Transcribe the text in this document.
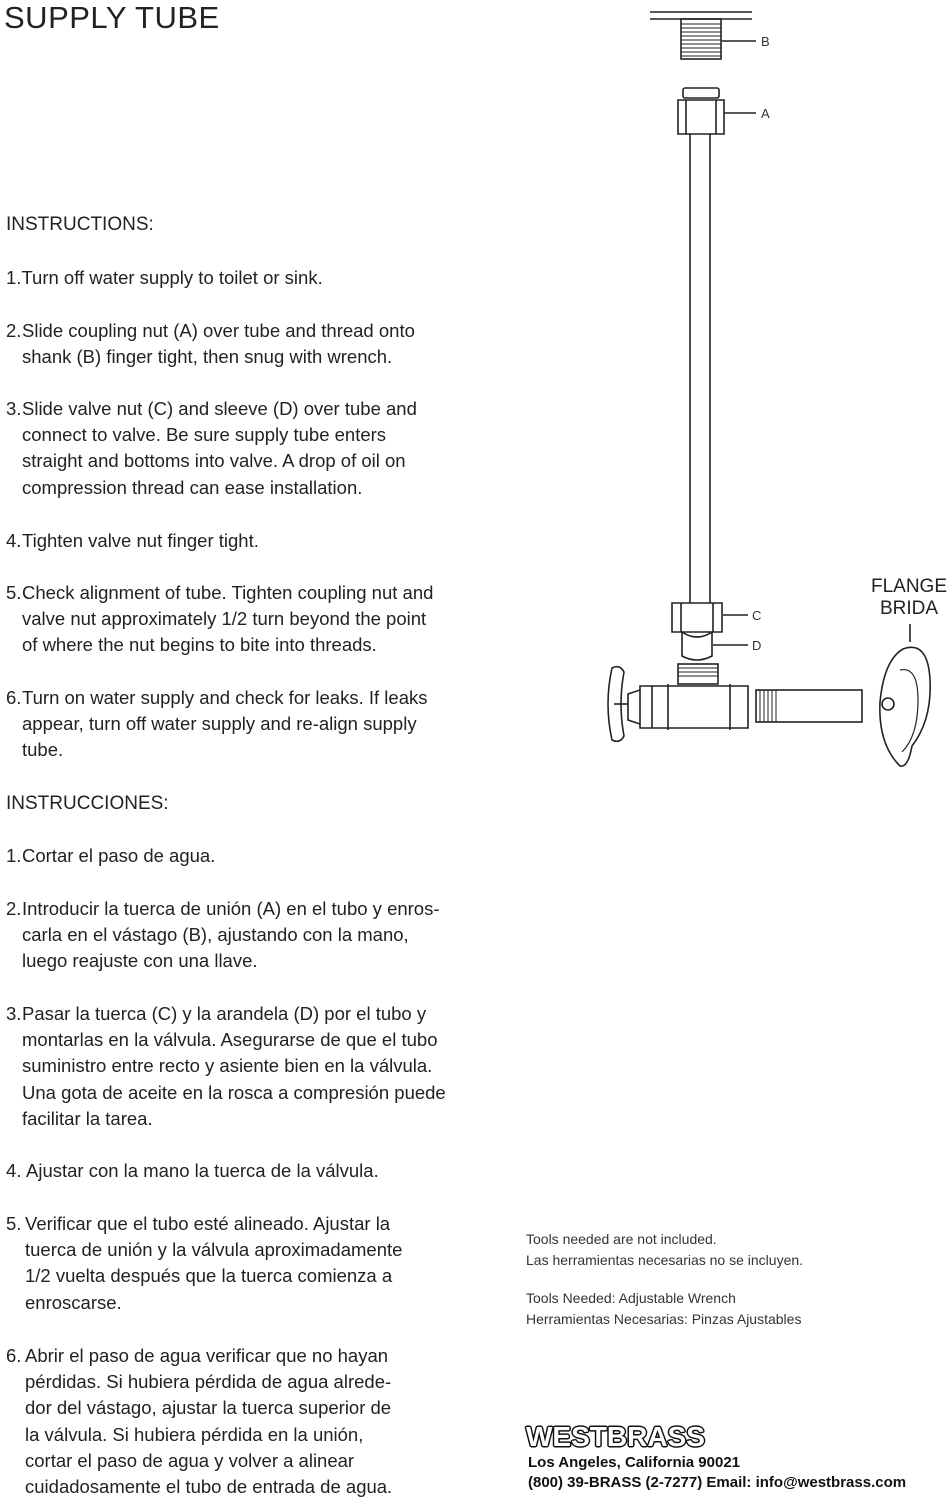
SUPPLY TUBE
B
A
C
D
FLANGE
BRIDA
INSTRUCTIONS:
1.Turn off water supply to toilet or sink.
2. Slide coupling nut (A) over tube and thread onto
shank (B) finger tight, then snug with wrench.
3. Slide valve nut (C) and sleeve (D) over tube and
connect to valve. Be sure supply tube enters
straight and bottoms into valve. A drop of oil on
compression thread can ease installation.
4. Tighten valve nut finger tight.
5. Check alignment of tube. Tighten coupling nut and
valve nut approximately 1/2 turn beyond the point
of where the nut begins to bite into threads.
6. Turn on water supply and check for leaks. If leaks
appear, turn off water supply and re-align supply
tube.
INSTRUCCIONES:
1. Cortar el paso de agua.
2. Introducir la tuerca de unión (A) en el tubo y enros-
carla en el vástago (B), ajustando con la mano,
luego reajuste con una llave.
3. Pasar la tuerca (C) y la arandela (D) por el tubo y
montarlas en la válvula. Asegurarse de que el tubo
suministro entre recto y asiente bien en la válvula.
Una gota de aceite en la rosca a compresión puede
facilitar la tarea.
4. Ajustar con la mano la tuerca de la válvula.
5. Verificar que el tubo esté alineado. Ajustar la
tuerca de unión y la válvula aproximadamente
1/2 vuelta después que la tuerca comienza a
enroscarse.
6. Abrir el paso de agua verificar que no hayan
pérdidas. Si hubiera pérdida de agua alrede-
dor del vástago, ajustar la tuerca superior de
la válvula. Si hubiera pérdida en la unión,
cortar el paso de agua y volver a alinear
cuidadosamente el tubo de entrada de agua.
Tools needed are not included.
Las herramientas necesarias no se incluyen.
Tools Needed: Adjustable Wrench
Herramientas Necesarias: Pinzas Ajustables
WESTBRASS
Los Angeles, California 90021
(800) 39-BRASS (2-7277) Email: info@westbrass.com
